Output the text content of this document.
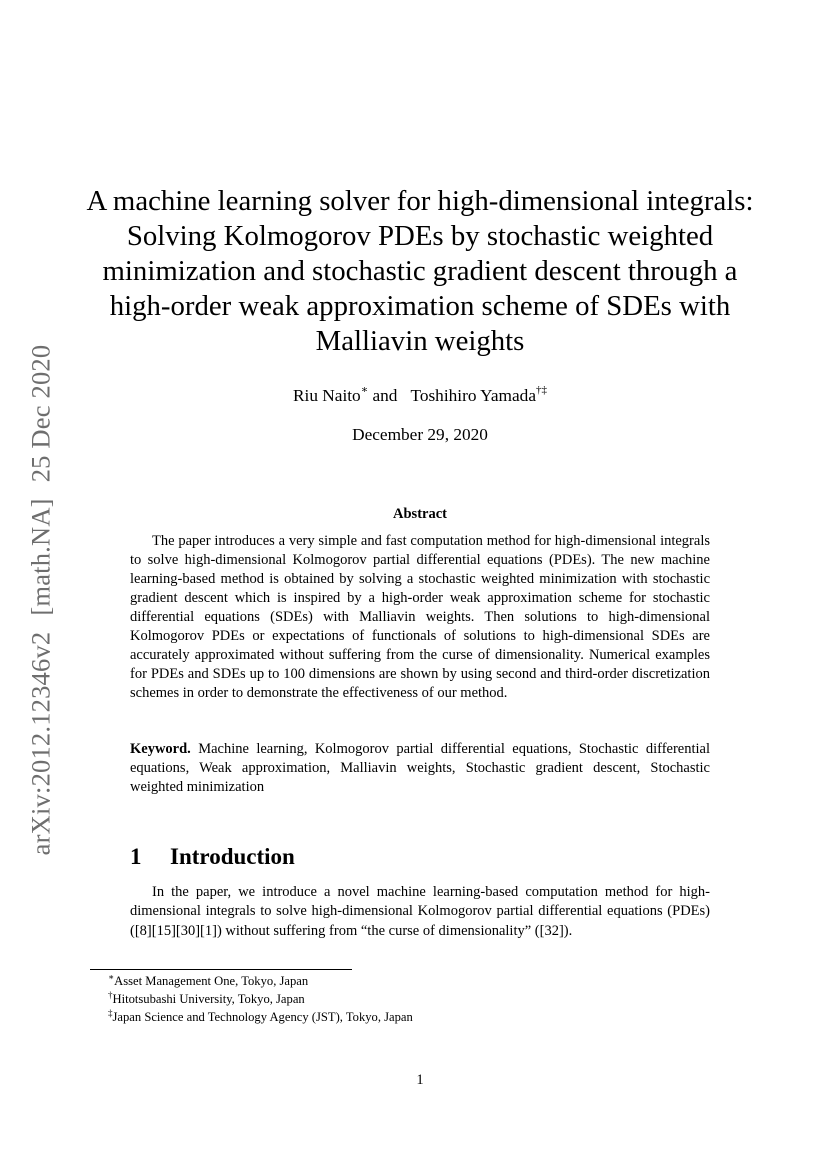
arXiv:2012.12346v2[math.NA]25 Dec 2020
A machine learning solver for high-dimensional integrals:
Solving Kolmogorov PDEs by stochastic weighted
minimization and stochastic gradient descent through a
high-order weak approximation scheme of SDEs with
Malliavin weights
Riu Naito∗ and Toshihiro Yamada†‡
December 29, 2020
Abstract

The paper introduces a very simple and fast computation method for high-dimensional integrals to solve high-dimensional Kolmogorov partial differential equations (PDEs). The new machine learning-based method is obtained by solving a stochastic weighted minimization with stochastic gradient descent which is inspired by a high-order weak approximation scheme for stochastic differential equations (SDEs) with Malliavin weights. Then solutions to high-dimensional Kolmogorov PDEs or expectations of functionals of solutions to high-dimensional SDEs are accurately approximated without suffering from the curse of dimensionality. Numerical examples for PDEs and SDEs up to 100 dimensions are shown by using second and third-order discretization schemes in order to demonstrate the effectiveness of our method.

Keyword. Machine learning, Kolmogorov partial differential equations, Stochastic differential equations, Weak approximation, Malliavin weights, Stochastic gradient descent, Stochastic weighted minimization

1 Introduction

In the paper, we introduce a novel machine learning-based computation method for high-dimensional integrals to solve high-dimensional Kolmogorov partial differential equations (PDEs) ([8][15][30][1]) without suffering from “the curse of dimensionality” ([32]).

∗Asset Management One, Tokyo, Japan
†Hitotsubashi University, Tokyo, Japan
‡Japan Science and Technology Agency (JST), Tokyo, Japan
1
